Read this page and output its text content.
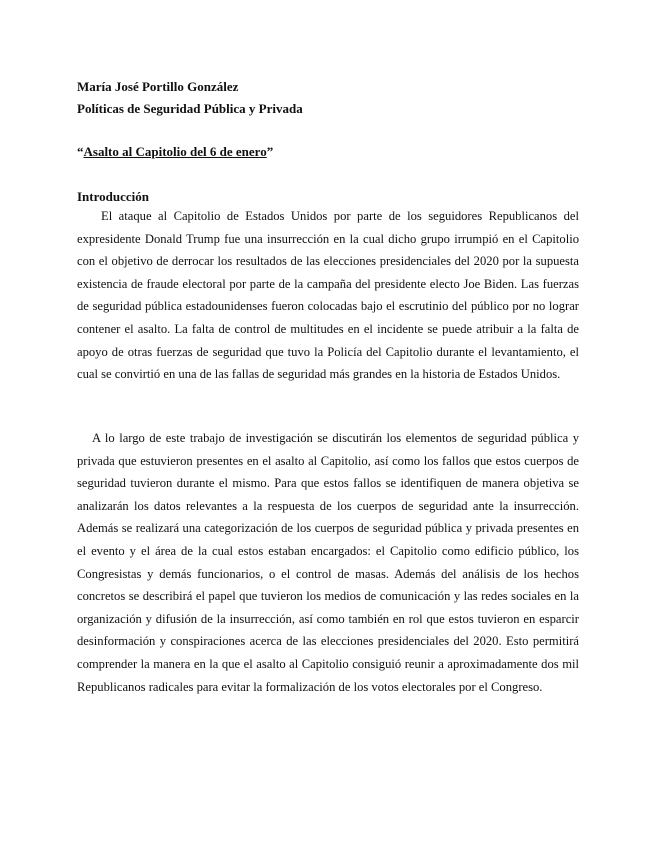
María José Portillo González
Políticas de Seguridad Pública y Privada
“Asalto al Capitolio del 6 de enero”
Introducción

El ataque al Capitolio de Estados Unidos por parte de los seguidores Republicanos del expresidente Donald Trump fue una insurrección en la cual dicho grupo irrumpió en el Capitolio con el objetivo de derrocar los resultados de las elecciones presidenciales del 2020 por la supuesta existencia de fraude electoral por parte de la campaña del presidente electo Joe Biden. Las fuerzas de seguridad pública estadounidenses fueron colocadas bajo el escrutinio del público por no lograr contener el asalto. La falta de control de multitudes en el incidente se puede atribuir a la falta de apoyo de otras fuerzas de seguridad que tuvo la Policía del Capitolio durante el levantamiento, el cual se convirtió en una de las fallas de seguridad más grandes en la historia de Estados Unidos.

A lo largo de este trabajo de investigación se discutirán los elementos de seguridad pública y privada que estuvieron presentes en el asalto al Capitolio, así como los fallos que estos cuerpos de seguridad tuvieron durante el mismo. Para que estos fallos se identifiquen de manera objetiva se analizarán los datos relevantes a la respuesta de los cuerpos de seguridad ante la insurrección. Además se realizará una categorización de los cuerpos de seguridad pública y privada presentes en el evento y el área de la cual estos estaban encargados: el Capitolio como edificio público, los Congresistas y demás funcionarios, o el control de masas. Además del análisis de los hechos concretos se describirá el papel que tuvieron los medios de comunicación y las redes sociales en la organización y difusión de la insurrección, así como también en rol que estos tuvieron en esparcir desinformación y conspiraciones acerca de las elecciones presidenciales del 2020. Esto permitirá comprender la manera en la que el asalto al Capitolio consiguió reunir a aproximadamente dos mil Republicanos radicales para evitar la formalización de los votos electorales por el Congreso.
